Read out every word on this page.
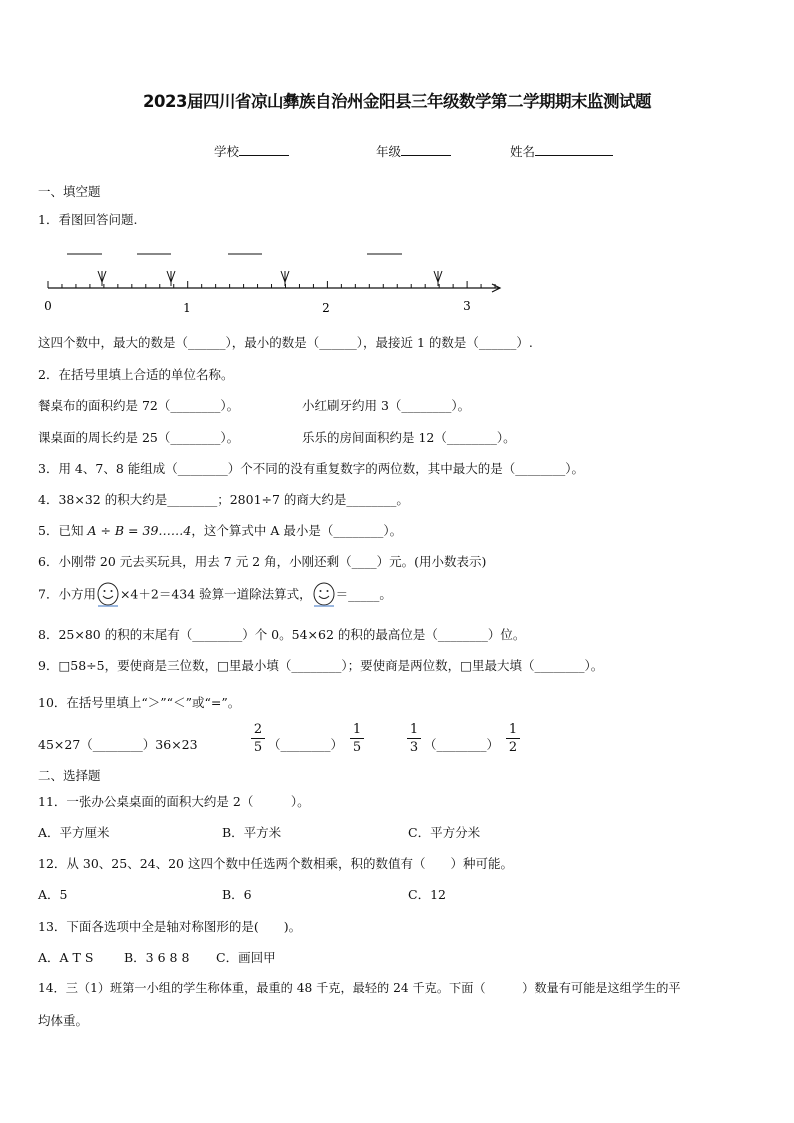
2023届四川省凉山彝族自治州金阳县三年级数学第二学期期末监测试题
学校	年级	姓名
一、填空题
1．看图回答问题.
0	1	2	3
这四个数中，最大的数是（______），最小的数是（______），最接近 1 的数是（______）.
2．在括号里填上合适的单位名称。
餐桌布的面积约是 72（________）。	小红刷牙约用 3（________）。
课桌面的周长约是 25（________）。	乐乐的房间面积约是 12（________）。
3．用 4、7、8 能组成（________）个不同的没有重复数字的两位数，其中最大的是（________）。
4．38×32 的积大约是________；2801÷7 的商大约是________。
5．已知 A ÷ B = 39……4，这个算式中 A 最小是（________）。
6．小刚带 20 元去买玩具，用去 7 元 2 角，小刚还剩（____）元。(用小数表示)
7．小方用 ×4＋2＝434 验算一道除法算式， ＝_____。
8．25×80 的积的末尾有（________）个 0。54×62 的积的最高位是（________）位。
9．□58÷5，要使商是三位数，□里最小填（________）；要使商是两位数，□里最大填（________）。
10．在括号里填上“＞”“＜”或“=”。
45×27（________）36×23	$\frac{2}{5}$ （________） $\frac{1}{5}$	$\frac{1}{3}$ （________） $\frac{1}{2}$
二、选择题
11．一张办公桌桌面的面积大约是 2（　　　）。
A．平方厘米	B．平方米	C．平方分米
12．从 30、25、24、20 这四个数中任选两个数相乘，积的数值有（　　）种可能。
A．5	B．6	C．12
13．下面各选项中全是轴对称图形的是(　　)。
A．A T S B．3 6 8 8 C．画回甲
14．三（1）班第一小组的学生称体重，最重的 48 千克，最轻的 24 千克。下面（　　　）数量有可能是这组学生的平
均体重。
